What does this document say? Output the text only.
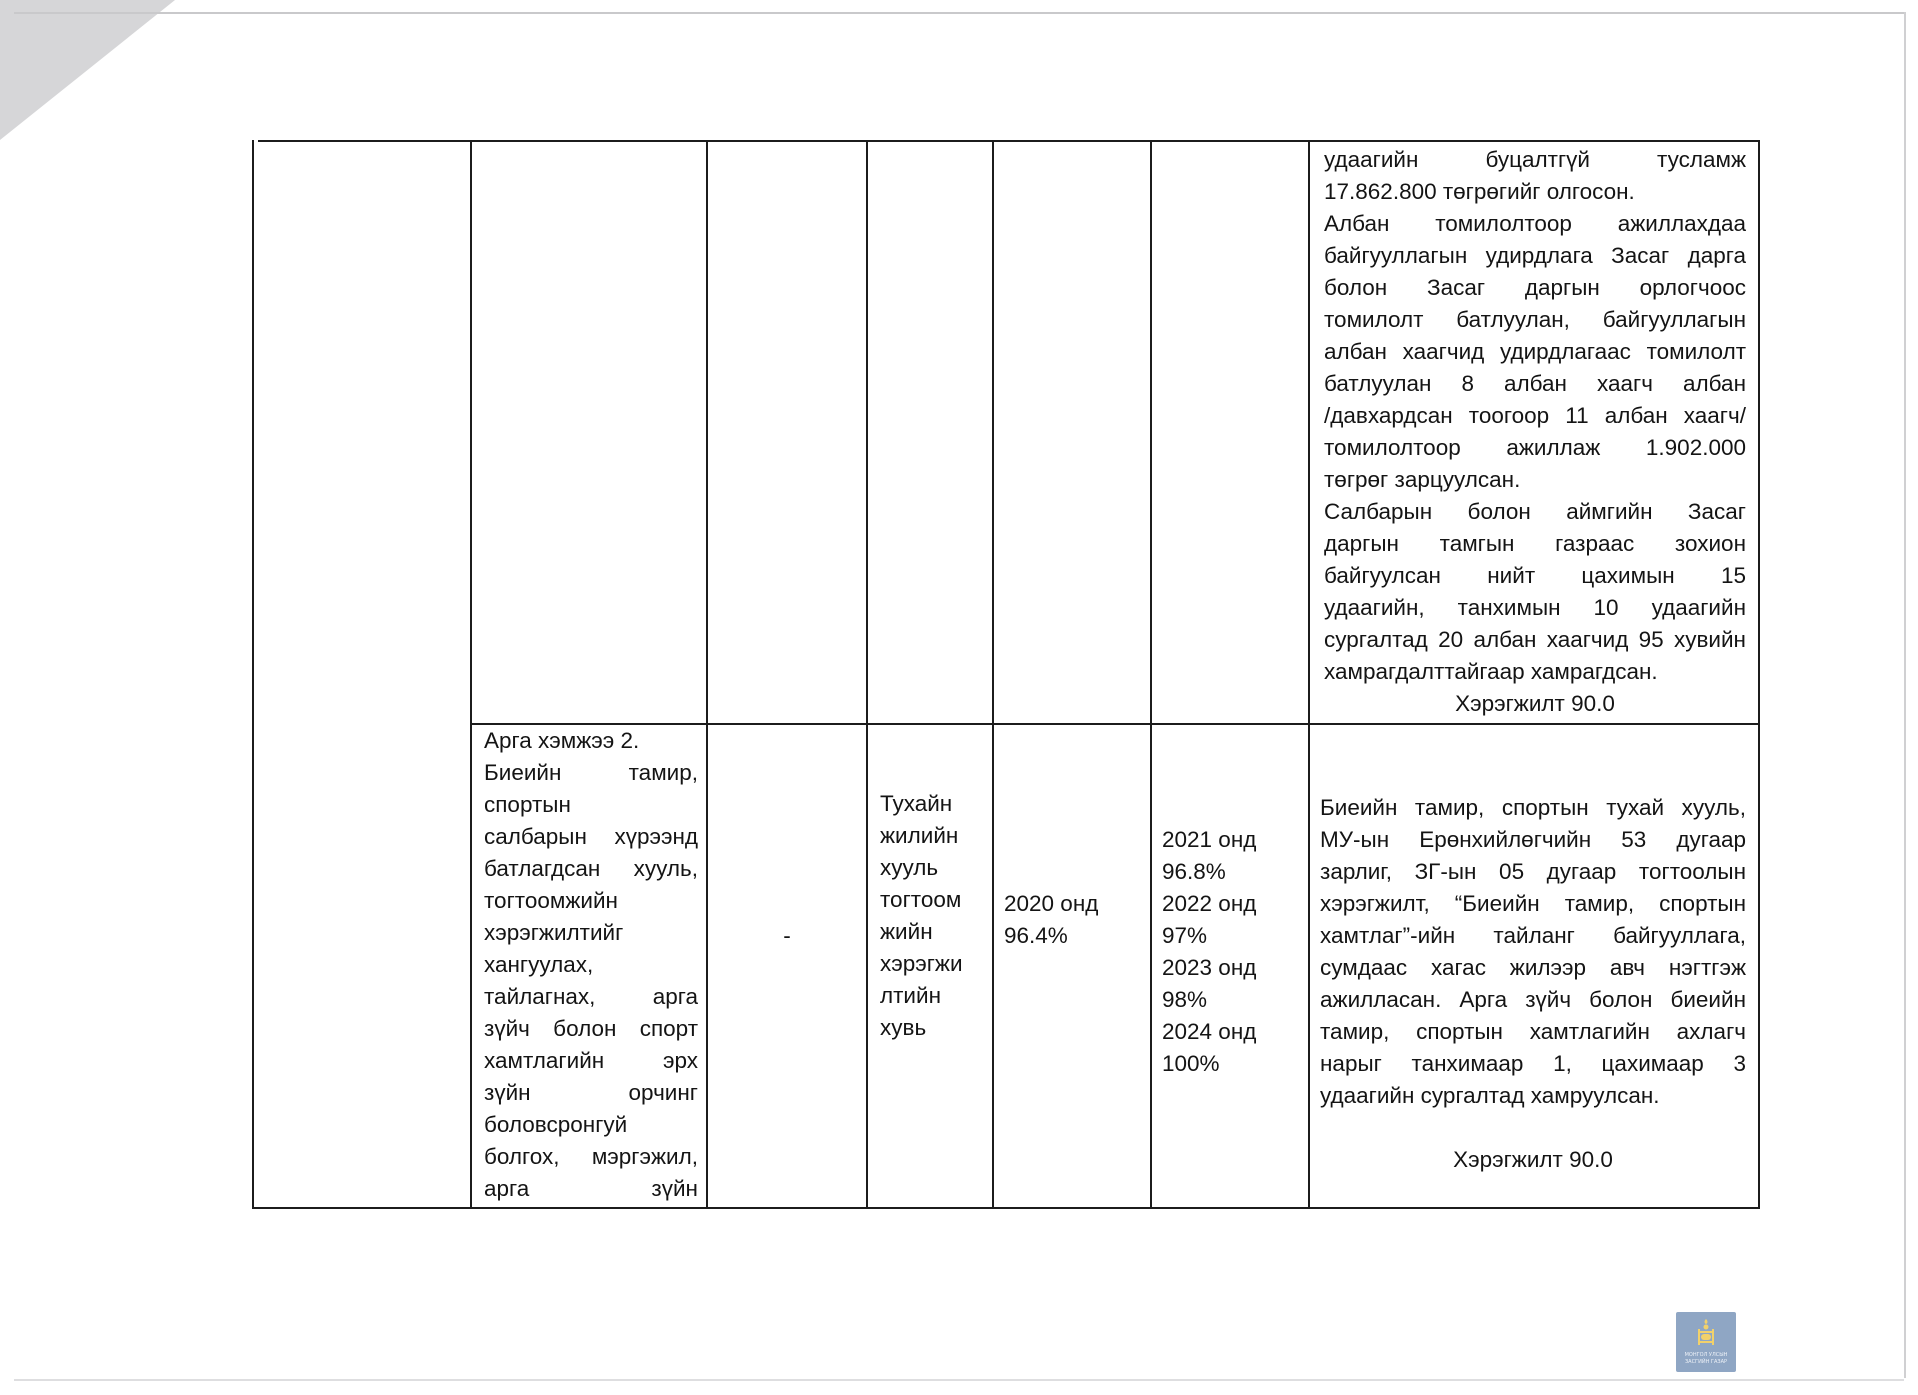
удаагийн буцалтгүй тусламж

17.862.800 төгрөгийг олгосон.

Албан томилолтоор ажиллахдаа

байгууллагын удирдлага Засаг дарга

болон Засаг даргын орлогчоос

томилолт батлуулан, байгууллагын

албан хаагчид удирдлагаас томилолт

батлуулан 8 албан хаагч албан

/давхардсан тоогоор 11 албан хаагч/

томилолтоор ажиллаж 1.902.000

төгрөг зарцуулсан.

Салбарын болон аймгийн Засаг

даргын тамгын газраас зохион

байгуулсан нийт цахимын 15

удаагийн, танхимын 10 удаагийн

сургалтад 20 албан хаагчид 95 хувийн

хамрагдалттайгаар хамрагдсан.

Хэрэгжилт 90.0

Арга хэмжээ 2.

Биеийн тамир,

спортын

салбарын хүрээнд

батлагдсан хууль,

тогтоомжийн

хэрэгжилтийг

хангуулах,

тайлагнах, арга

зүйч болон спорт

хамтлагийн эрх

зүйн орчинг

боловсронгуй

болгох, мэргэжил,

арга зүйн

-

Тухайн

жилийн

хууль

тогтоом

жийн

хэрэгжи

лтийн

хувь

2020 онд

96.4%

2021 онд

96.8%

2022 онд

97%

2023 онд

98%

2024 онд

100%

Биеийн тамир, спортын тухай хууль,

МУ-ын Ерөнхийлөгчийн 53 дугаар

зарлиг, ЗГ-ын 05 дугаар тогтоолын

хэрэгжилт, “Биеийн тамир, спортын

хамтлаг”-ийн тайланг байгууллага,

сумдаас хагас жилээр авч нэгтгэж

ажилласан. Арга зүйч болон биеийн

тамир, спортын хамтлагийн ахлагч

нарыг танхимаар 1, цахимаар 3

удаагийн сургалтад хамруулсан.

Хэрэгжилт 90.0

МОНГОЛ УЛСЫН
ЗАСГИЙН ГАЗАР
